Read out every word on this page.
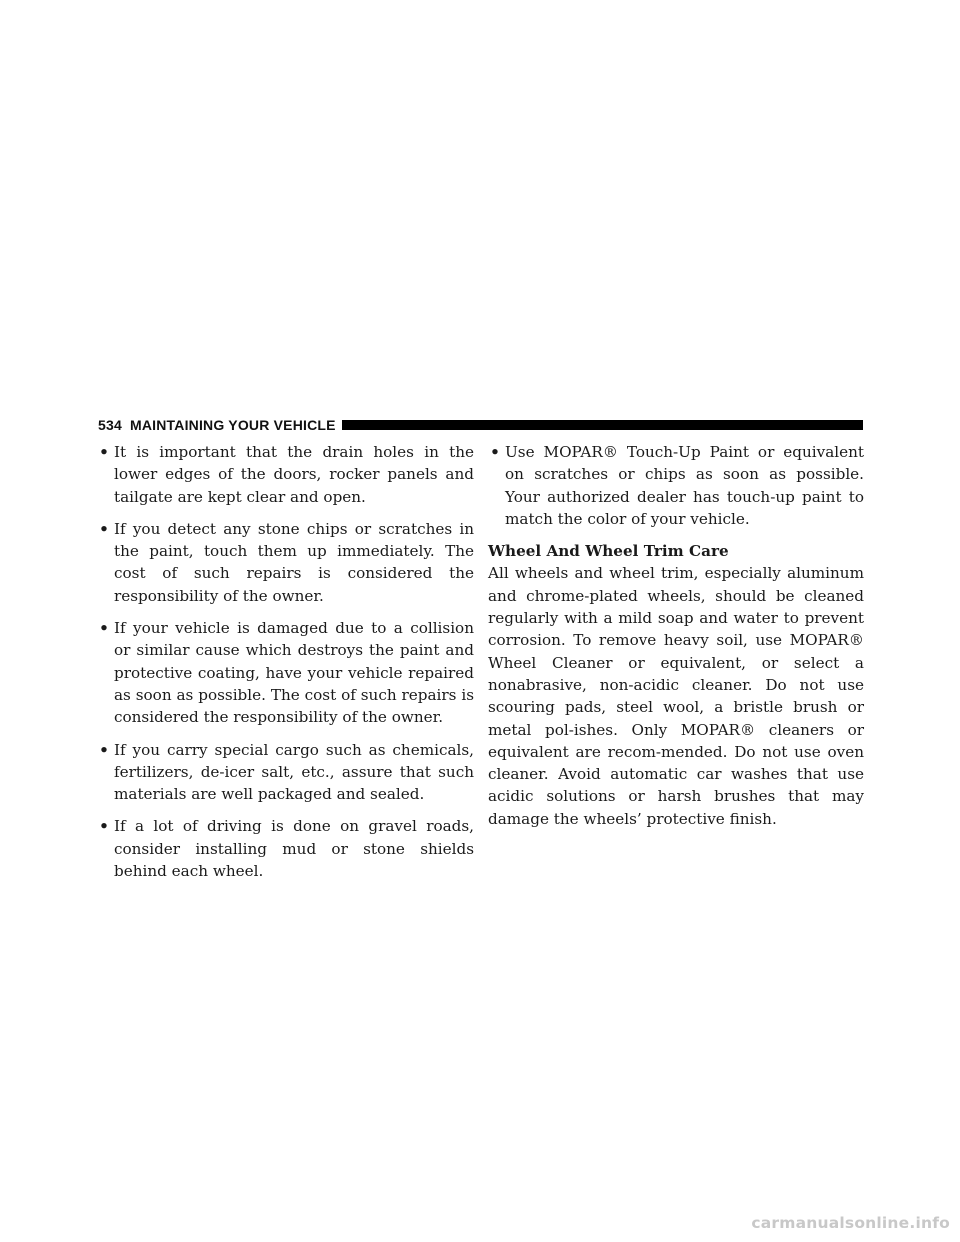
534 MAINTAINING YOUR VEHICLE
• It is important that the drain holes in the lower edges of the doors, rocker panels and tailgate are kept clear and open.
• If you detect any stone chips or scratches in the paint, touch them up immediately. The cost of such repairs is considered the responsibility of the owner.
• If your vehicle is damaged due to a collision or similar cause which destroys the paint and protective coating, have your vehicle repaired as soon as possible. The cost of such repairs is considered the responsibility of the owner.
• If you carry special cargo such as chemicals, fertilizers, de-icer salt, etc., assure that such materials are well packaged and sealed.
• If a lot of driving is done on gravel roads, consider installing mud or stone shields behind each wheel.
• Use MOPAR® Touch-Up Paint or equivalent on scratches or chips as soon as possible. Your authorized dealer has touch-up paint to match the color of your vehicle.
Wheel And Wheel Trim Care

All wheels and wheel trim, especially aluminum and chrome-plated wheels, should be cleaned regularly with a mild soap and water to prevent corrosion. To remove heavy soil, use MOPAR® Wheel Cleaner or equivalent, or select a nonabrasive, non-acidic cleaner. Do not use scouring pads, steel wool, a bristle brush or metal pol-ishes. Only MOPAR® cleaners or equivalent are recom-mended. Do not use oven cleaner. Avoid automatic car washes that use acidic solutions or harsh brushes that may damage the wheels’ protective finish.

carmanualsonline.info
